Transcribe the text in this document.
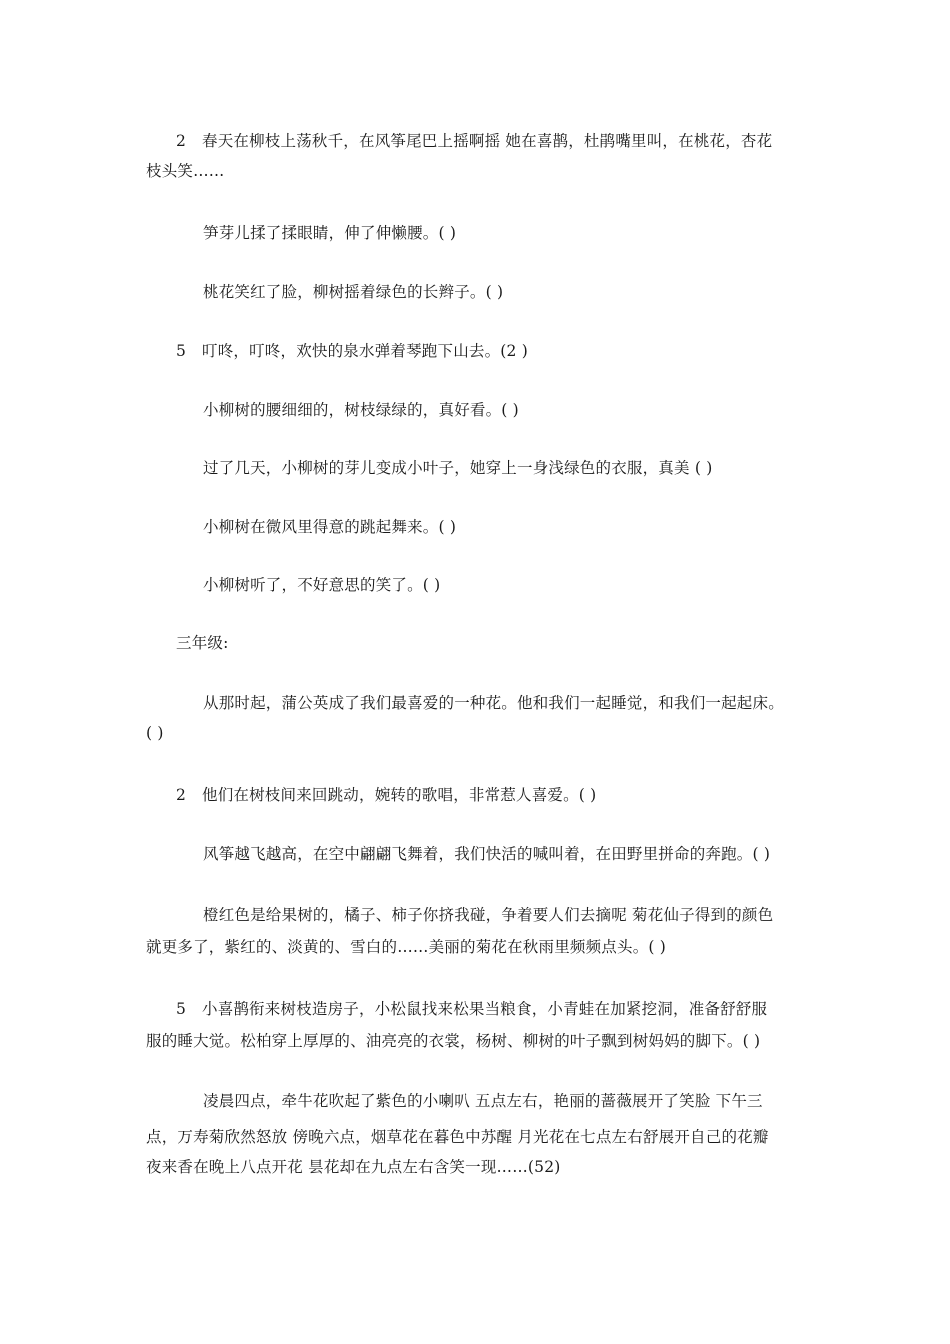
2 春天在柳枝上荡秋千，在风筝尾巴上摇啊摇 她在喜鹊，杜鹃嘴里叫，在桃花，杏花
枝头笑……
笋芽儿揉了揉眼睛，伸了伸懒腰。( )
桃花笑红了脸，柳树摇着绿色的长辫子。( )
5 叮咚，叮咚，欢快的泉水弹着琴跑下山去。(2 )
小柳树的腰细细的，树枝绿绿的，真好看。( )
过了几天，小柳树的芽儿变成小叶子，她穿上一身浅绿色的衣服，真美 ( )
小柳树在微风里得意的跳起舞来。( )
小柳树听了，不好意思的笑了。( )
三年级:
从那时起，蒲公英成了我们最喜爱的一种花。他和我们一起睡觉，和我们一起起床。
( )
2 他们在树枝间来回跳动，婉转的歌唱，非常惹人喜爱。( )
风筝越飞越高，在空中翩翩飞舞着，我们快活的喊叫着，在田野里拼命的奔跑。( )
橙红色是给果树的，橘子、柿子你挤我碰，争着要人们去摘呢 菊花仙子得到的颜色
就更多了，紫红的、淡黄的、雪白的……美丽的菊花在秋雨里频频点头。( )
5 小喜鹊衔来树枝造房子，小松鼠找来松果当粮食，小青蛙在加紧挖洞，准备舒舒服
服的睡大觉。松柏穿上厚厚的、油亮亮的衣裳，杨树、柳树的叶子飘到树妈妈的脚下。( )
凌晨四点，牵牛花吹起了紫色的小喇叭 五点左右，艳丽的蔷薇展开了笑脸 下午三
点，万寿菊欣然怒放 傍晚六点，烟草花在暮色中苏醒 月光花在七点左右舒展开自己的花瓣
夜来香在晚上八点开花 昙花却在九点左右含笑一现……(52)
